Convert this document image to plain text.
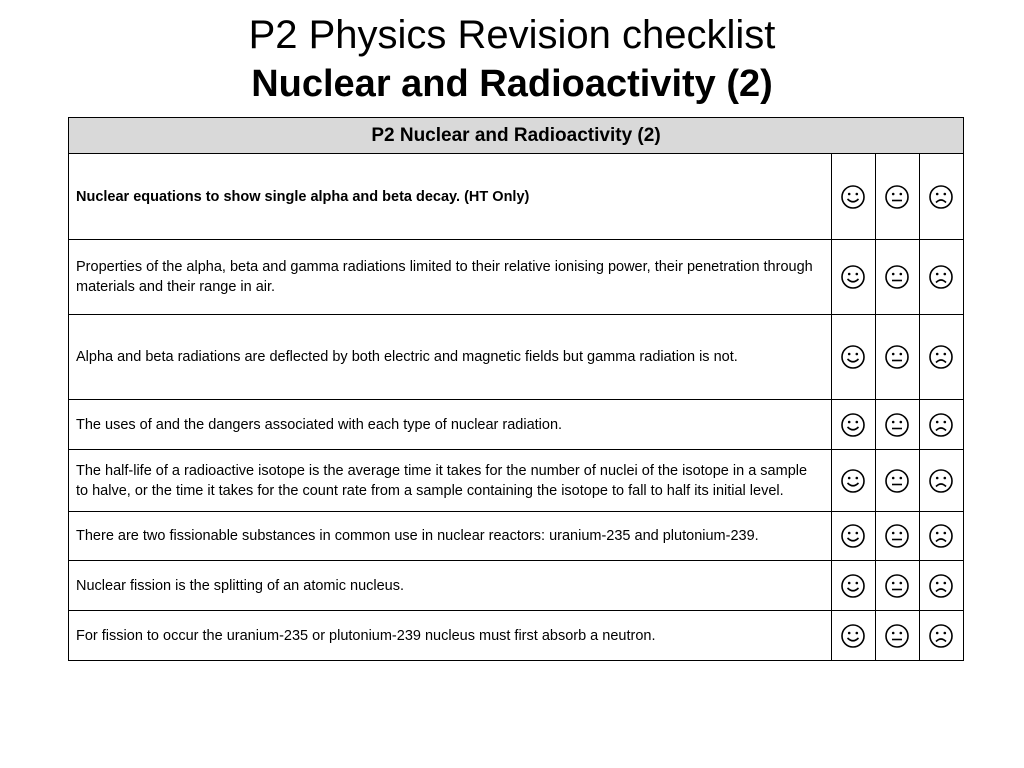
P2 Physics Revision checklist
Nuclear and Radioactivity (2)
P2 Nuclear and Radioactivity (2)			
Nuclear equations to show single alpha and beta decay. (HT Only)	

Properties of the alpha, beta and gamma radiations limited to their relative ionising power, their penetration through materials and their range in air.	

Alpha and beta radiations are deflected by both electric and magnetic fields but gamma radiation is not.	

The uses of and the dangers associated with each type of nuclear radiation.	

The half-life of a radioactive isotope is the average time it takes for the number of nuclei of the isotope in a sample to halve, or the time it takes for the count rate from a sample containing the isotope to fall to half its initial level.	

There are two fissionable substances in common use in nuclear reactors: uranium-235 and plutonium-239.	

Nuclear fission is the splitting of an atomic nucleus.	

For fission to occur the uranium-235 or plutonium-239 nucleus must first absorb a neutron.	
